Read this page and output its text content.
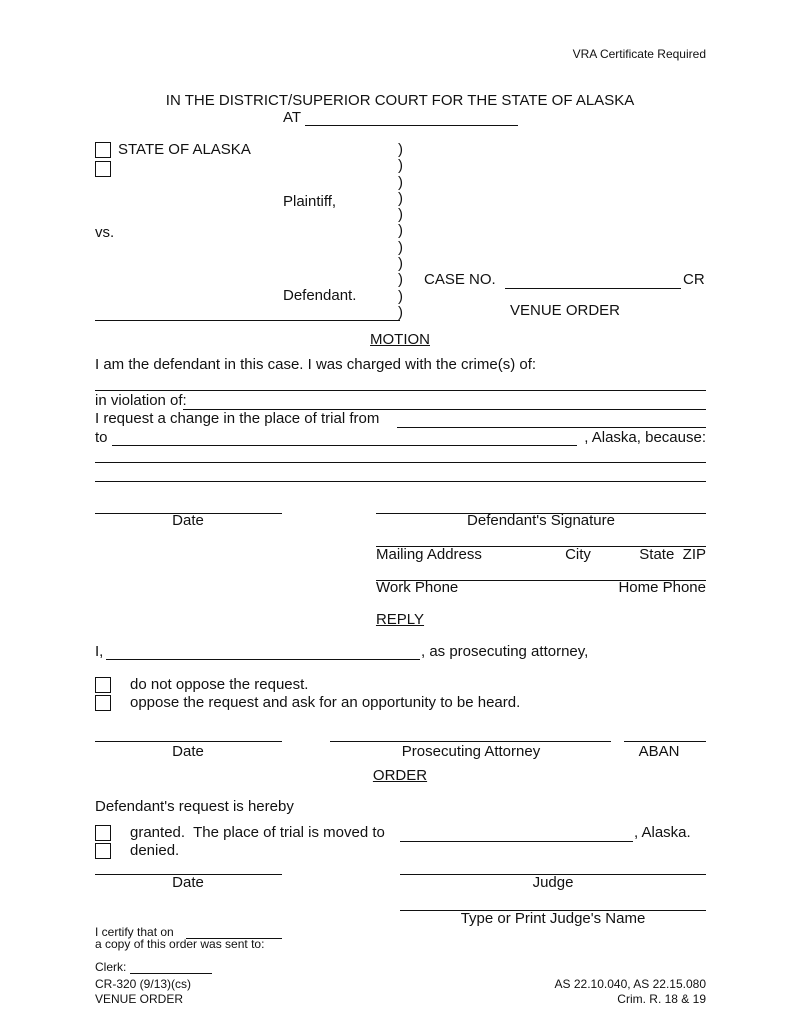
VRA Certificate Required
IN THE DISTRICT/SUPERIOR COURT FOR THE STATE OF ALASKA
AT
STATE OF ALASKA
Plaintiff,
vs.
Defendant.
)
)
)
)
)
)
)
)
)
)
)
CASE NO.	CR
VENUE ORDER
MOTION
I am the defendant in this case. I was charged with the crime(s) of:
in violation of:
I request a change in the place of trial from
to	, Alaska, because:
Date	Defendant's Signature
Mailing Address	City	State  ZIP
Work Phone	Home Phone
REPLY
I,	, as prosecuting attorney,
do not oppose the request.
oppose the request and ask for an opportunity to be heard.
Date	Prosecuting Attorney	ABAN
ORDER
Defendant's request is hereby
granted.  The place of trial is moved to	, Alaska.
denied.
Date	Judge
Type or Print Judge's Name
I certify that on
a copy of this order was sent to:
Clerk:
CR-320 (9/13)(cs)
VENUE ORDER
AS 22.10.040, AS 22.15.080
Crim. R. 18 & 19
